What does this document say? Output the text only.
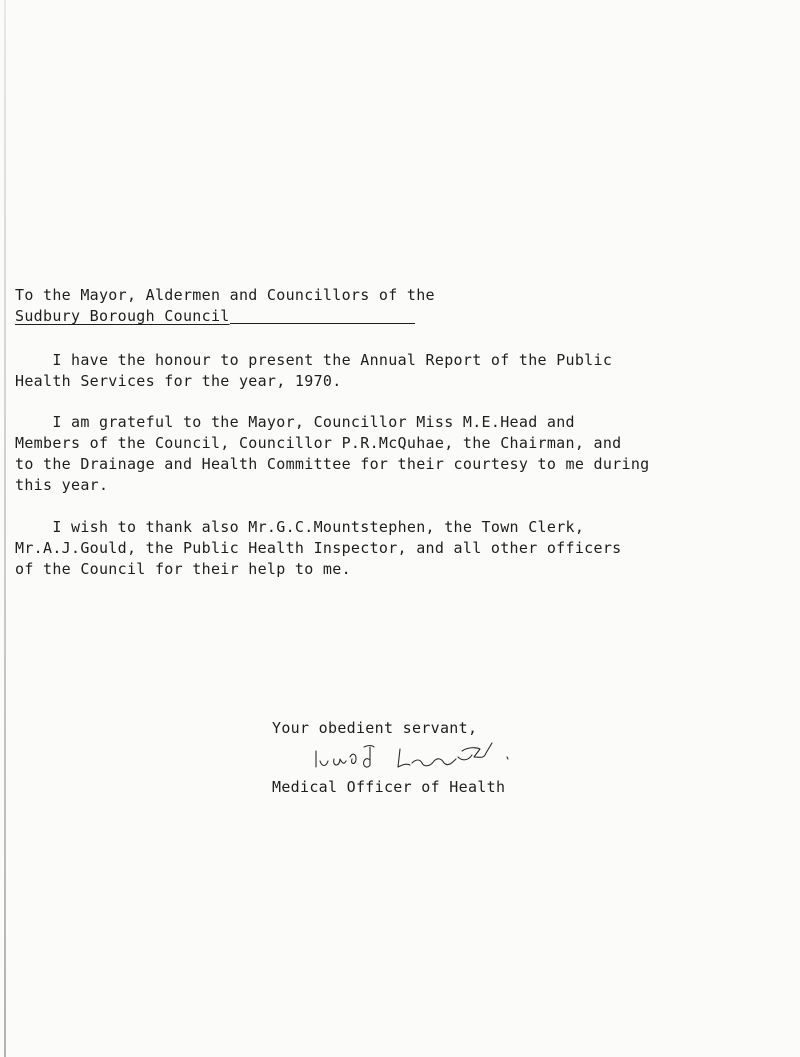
To the Mayor, Aldermen and Councillors of the
Sudbury Borough Council

I have the honour to present the Annual Report of the Public
Health Services for the year, 1970.

I am grateful to the Mayor, Councillor Miss M.E.Head and
Members of the Council, Councillor P.R.McQuhae, the Chairman, and
to the Drainage and Health Committee for their courtesy to me during
this year.

I wish to thank also Mr.G.C.Mountstephen, the Town Clerk,
Mr.A.J.Gould, the Public Health Inspector, and all other officers
of the Council for their help to me.

Your obedient servant,
Medical Officer of Health
